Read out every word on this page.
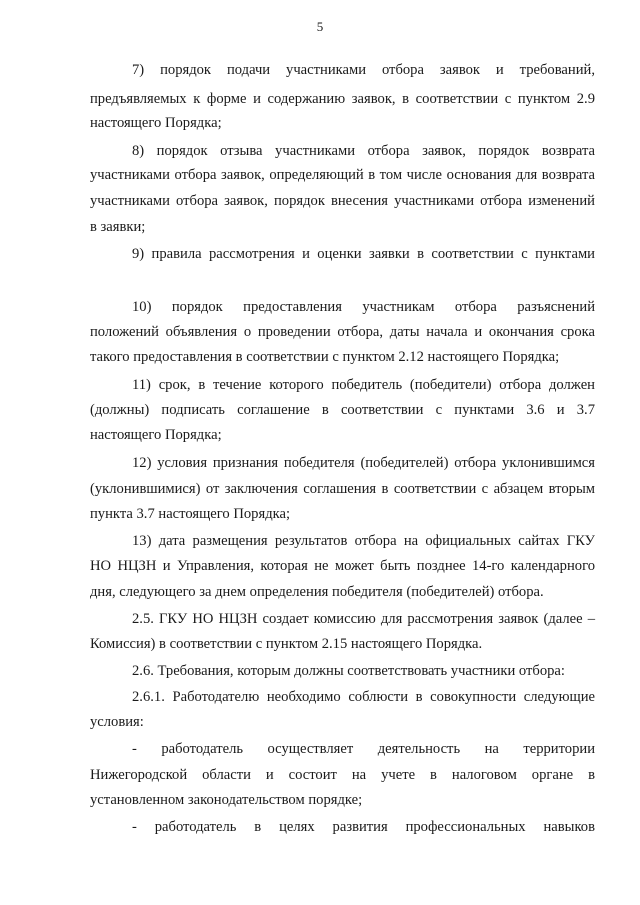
5
7) порядок подачи участниками отбора заявок и требований,
предъявляемых к форме и содержанию заявок, в соответствии с пунктом 2.9
настоящего Порядка;
8) порядок отзыва участниками отбора заявок, порядок возврата
участниками отбора заявок, определяющий в том числе основания для возврата
участниками отбора заявок, порядок внесения участниками отбора изменений
в заявки;
9) правила рассмотрения и оценки заявки в соответствии с пунктами
10) порядок предоставления участникам отбора разъяснений
положений объявления о проведении отбора, даты начала и окончания срока
такого предоставления в соответствии с пунктом 2.12 настоящего Порядка;
11) срок, в течение которого победитель (победители) отбора должен
(должны) подписать соглашение в соответствии с пунктами 3.6 и 3.7
настоящего Порядка;
12) условия признания победителя (победителей) отбора уклонившимся
(уклонившимися) от заключения соглашения в соответствии с абзацем вторым
пункта 3.7 настоящего Порядка;
13) дата размещения результатов отбора на официальных сайтах ГКУ
НО НЦЗН и Управления, которая не может быть позднее 14-го календарного
дня, следующего за днем определения победителя (победителей) отбора.
2.5. ГКУ НО НЦЗН создает комиссию для рассмотрения заявок (далее –
Комиссия) в соответствии с пунктом 2.15 настоящего Порядка.
2.6. Требования, которым должны соответствовать участники отбора:
2.6.1. Работодателю необходимо соблюсти в совокупности следующие
условия:
- работодатель осуществляет деятельность на территории
Нижегородской области и состоит на учете в налоговом органе в
установленном законодательством порядке;
- работодатель в целях развития профессиональных навыков
